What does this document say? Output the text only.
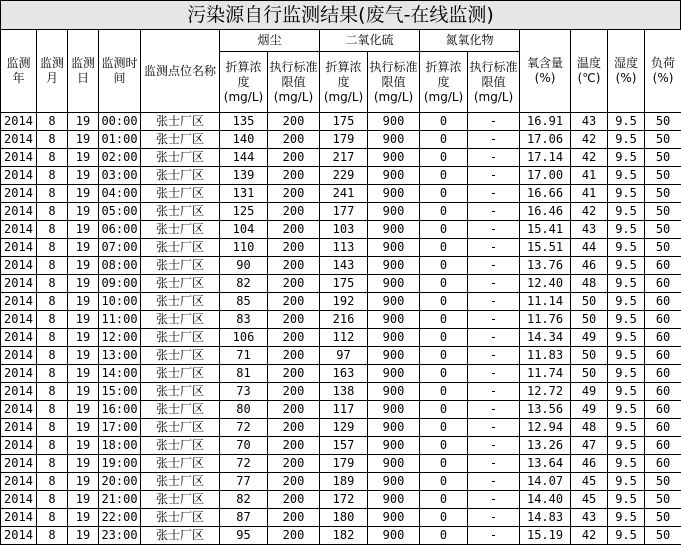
污染源自行监测结果(废气-在线监测)
监测年	监测月	监测日	监测时间	监测点位名称	烟尘		二氧化硫		氮氧化物		氧含量(%)	温度(℃)	湿度(%)	负荷(%)
					折算浓度(mg/L)	执行标准限值(mg/L)	折算浓度(mg/L)	执行标准限值(mg/L)	折算浓度(mg/L)	执行标准限值(mg/L)				
2014	8	19	00:00	张士厂区	135	200	175	900	0	-	16.91	43	9.5	50
2014	8	19	01:00	张士厂区	140	200	179	900	0	-	17.06	42	9.5	50
2014	8	19	02:00	张士厂区	144	200	217	900	0	-	17.14	42	9.5	50
2014	8	19	03:00	张士厂区	139	200	229	900	0	-	17.00	41	9.5	50
2014	8	19	04:00	张士厂区	131	200	241	900	0	-	16.66	41	9.5	50
2014	8	19	05:00	张士厂区	125	200	177	900	0	-	16.46	42	9.5	50
2014	8	19	06:00	张士厂区	104	200	103	900	0	-	15.41	43	9.5	50
2014	8	19	07:00	张士厂区	110	200	113	900	0	-	15.51	44	9.5	50
2014	8	19	08:00	张士厂区	90	200	143	900	0	-	13.76	46	9.5	60
2014	8	19	09:00	张士厂区	82	200	175	900	0	-	12.40	48	9.5	60
2014	8	19	10:00	张士厂区	85	200	192	900	0	-	11.14	50	9.5	60
2014	8	19	11:00	张士厂区	83	200	216	900	0	-	11.76	50	9.5	60
2014	8	19	12:00	张士厂区	106	200	112	900	0	-	14.34	49	9.5	60
2014	8	19	13:00	张士厂区	71	200	97	900	0	-	11.83	50	9.5	60
2014	8	19	14:00	张士厂区	81	200	163	900	0	-	11.74	50	9.5	60
2014	8	19	15:00	张士厂区	73	200	138	900	0	-	12.72	49	9.5	60
2014	8	19	16:00	张士厂区	80	200	117	900	0	-	13.56	49	9.5	60
2014	8	19	17:00	张士厂区	72	200	129	900	0	-	12.94	48	9.5	60
2014	8	19	18:00	张士厂区	70	200	157	900	0	-	13.26	47	9.5	60
2014	8	19	19:00	张士厂区	72	200	179	900	0	-	13.64	46	9.5	60
2014	8	19	20:00	张士厂区	77	200	189	900	0	-	14.07	45	9.5	50
2014	8	19	21:00	张士厂区	82	200	172	900	0	-	14.40	45	9.5	50
2014	8	19	22:00	张士厂区	87	200	180	900	0	-	14.83	43	9.5	50
2014	8	19	23:00	张士厂区	95	200	182	900	0	-	15.19	42	9.5	50
